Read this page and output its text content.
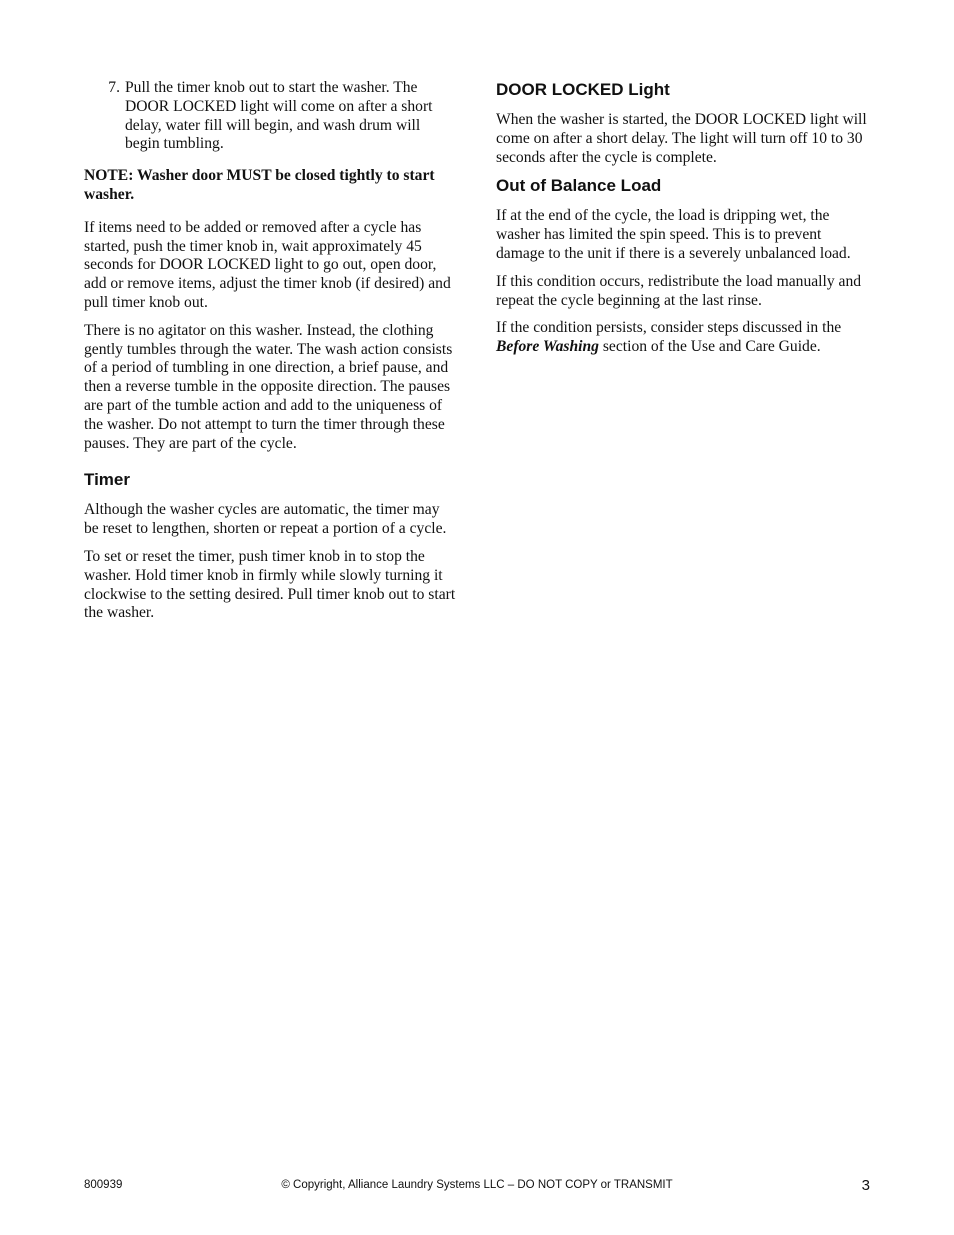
7. Pull the timer knob out to start the washer. The DOOR LOCKED light will come on after a short delay, water fill will begin, and wash drum will begin tumbling.

NOTE: Washer door MUST be closed tightly to start washer.

If items need to be added or removed after a cycle has started, push the timer knob in, wait approximately 45 seconds for DOOR LOCKED light to go out, open door, add or remove items, adjust the timer knob (if desired) and pull timer knob out.

There is no agitator on this washer. Instead, the clothing gently tumbles through the water. The wash action consists of a period of tumbling in one direction, a brief pause, and then a reverse tumble in the opposite direction. The pauses are part of the tumble action and add to the uniqueness of the washer. Do not attempt to turn the timer through these pauses. They are part of the cycle.

Timer

Although the washer cycles are automatic, the timer may be reset to lengthen, shorten or repeat a portion of a cycle.

To set or reset the timer, push timer knob in to stop the washer. Hold timer knob in firmly while slowly turning it clockwise to the setting desired. Pull timer knob out to start the washer.

DOOR LOCKED Light

When the washer is started, the DOOR LOCKED light will come on after a short delay. The light will turn off 10 to 30 seconds after the cycle is complete.

Out of Balance Load

If at the end of the cycle, the load is dripping wet, the washer has limited the spin speed. This is to prevent damage to the unit if there is a severely unbalanced load.

If this condition occurs, redistribute the load manually and repeat the cycle beginning at the last rinse.

If the condition persists, consider steps discussed in the Before Washing section of the Use and Care Guide.

800939	© Copyright, Alliance Laundry Systems LLC – DO NOT COPY or TRANSMIT	3
